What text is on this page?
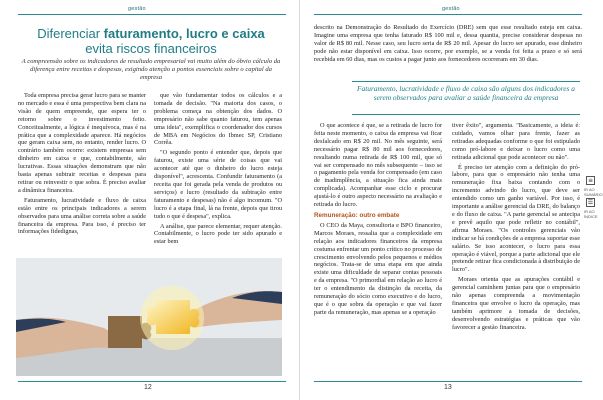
gestão
Diferenciar faturamento, lucro e caixa
evita riscos financeiros
A compreensão sobre os indicadores de resultado empresarial vai muito além do óbvio cálculo da diferença entre receitas e despesas, exigindo atenção a pontos essenciais sobre o capital da empresa

Toda empresa precisa gerar lucro para se manter no mercado e essa é uma perspectiva bem clara na visão de quem empreende, que espera ter o retorno sobre o investimento feito. Conceitualmente, a lógica é inequívoca, mas é na prática que a complexidade aparece. Há negócios que geram caixa sem, no entanto, render lucro. O contrário também ocorre: existem empresas sem dinheiro em caixa e que, contabilmente, são lucrativas. Essas situações demonstram que não basta apenas subtrair receitas e despesas para retirar ou reinvestir o que sobra. É preciso avaliar a dinâmica financeira.

Faturamento, lucratividade e fluxo de caixa estão entre os principais indicadores a serem observados para uma análise correta sobre a saúde financeira da empresa. Para isso, é preciso ter informações fidedignas,

que vão fundamentar todos os cálculos e a tomada de decisão. "Na maioria dos casos, o problema começa na obtenção dos dados. O empresário não sabe quanto faturou, tem apenas uma ideia", exemplifica o coordenador dos cursos de MBA em Negócios do Ibmec SP, Cristiano Corrêa.

"O segundo ponto é entender que, depois que faturou, existe uma série de coisas que vai acontecer até que o dinheiro do lucro esteja disponível", acrescenta. Confundir faturamento (a receita que foi gerada pela venda de produtos ou serviços) e lucro (resultado da subtração entre faturamento e despesas) não é algo incomum. "O lucro é a etapa final, lá na frente, depois que tirou tudo o que é despesa", explica.

A análise, que parece elementar, requer atenção. Contabilmente, o lucro pode ter sido apurado e estar bem

12
gestão

descrito na Demonstração do Resultado do Exercício (DRE) sem que esse resultado esteja em caixa. Imagine uma empresa que tenha faturado R$ 100 mil e, dessa quantia, precise considerar despesas no valor de R$ 80 mil. Nesse caso, seu lucro seria de R$ 20 mil. Apesar do lucro ser apurado, esse dinheiro pode não estar disponível em caixa. Isso ocorre, por exemplo, se a venda foi feita a prazo e só será recebida em 60 dias, mas os custos a pagar junto aos fornecedores ocorreram em 30 dias.

Faturamento, lucratividade e fluxo de caixa são alguns dos indicadores a serem observados para avaliar a saúde financeira da empresa

O que acontece é que, se a retirada de lucro for feita neste momento, o caixa da empresa vai ficar desfalcado em R$ 20 mil. No mês seguinte, será necessário pagar R$ 80 mil aos fornecedores, resultando numa retirada de R$ 100 mil, que só vai ser compensado no mês subsequente – isso se o pagamento pela venda for compensado (em caso de inadimplência, a situação fica ainda mais complicada). Acompanhar esse ciclo e procurar ajustá-lo é outro aspecto necessário na avaliação e retirada do lucro.

Remuneração: outro embate

O CEO da Maya, consultoria e BPO financeiro, Marcos Moraes, ressalta que a complexidade em relação aos indicadores financeiros da empresa costuma enfrentar um ponto crítico no processo de crescimento envolvendo pelos pequenos e médios negócios. Trata-se de uma etapa em que ainda existe uma dificuldade de separar contas pessoais e da empresa. "O primordial em relação ao lucro é ter o entendimento da distinção da receita, da remuneração do sócio como executivo e do lucro, que é o que sobra da operação e que vai fazer parte da remuneração, mas apenas se a operação

tiver êxito", argumenta. "Basicamente, a ideia é: cuidado, vamos olhar para frente, fazer as retiradas adequadas conforme o que foi estipulado como pró-labore e deixar o lucro como uma retirada adicional que pode acontecer ou não".

É preciso ter atenção com a definição do pró-labore, para que o empresário não tenha uma remuneração fixa baixa contando com o incremento advindo do lucro, que deve ser entendido como um ganho variável. Por isso, é importante a análise gerencial da DRE, do balanço e do fluxo de caixa. "A parte gerencial se antecipa e prevê aquilo que pode refletir no contábil", afirma Moraes. "Os controles gerenciais vão indicar se há condições de a empresa suportar esse salário. Se isso acontecer, o lucro para essa operação é viável, porque a parte adicional que ele pretende retirar fica condicionada à distribuição de lucro".

Moraes orienta que as apurações contábil e gerencial caminhem juntas para que o empresário não apenas compreenda a movimentação financeira que envolve o lucro da operação, mas também aprimore a tomada de decisões, desenvolvendo estratégias e práticas que vão favorecer a gestão financeira.

≡
IR AO SUMÁRIO
☰
IR AO ÍNDICE
13
